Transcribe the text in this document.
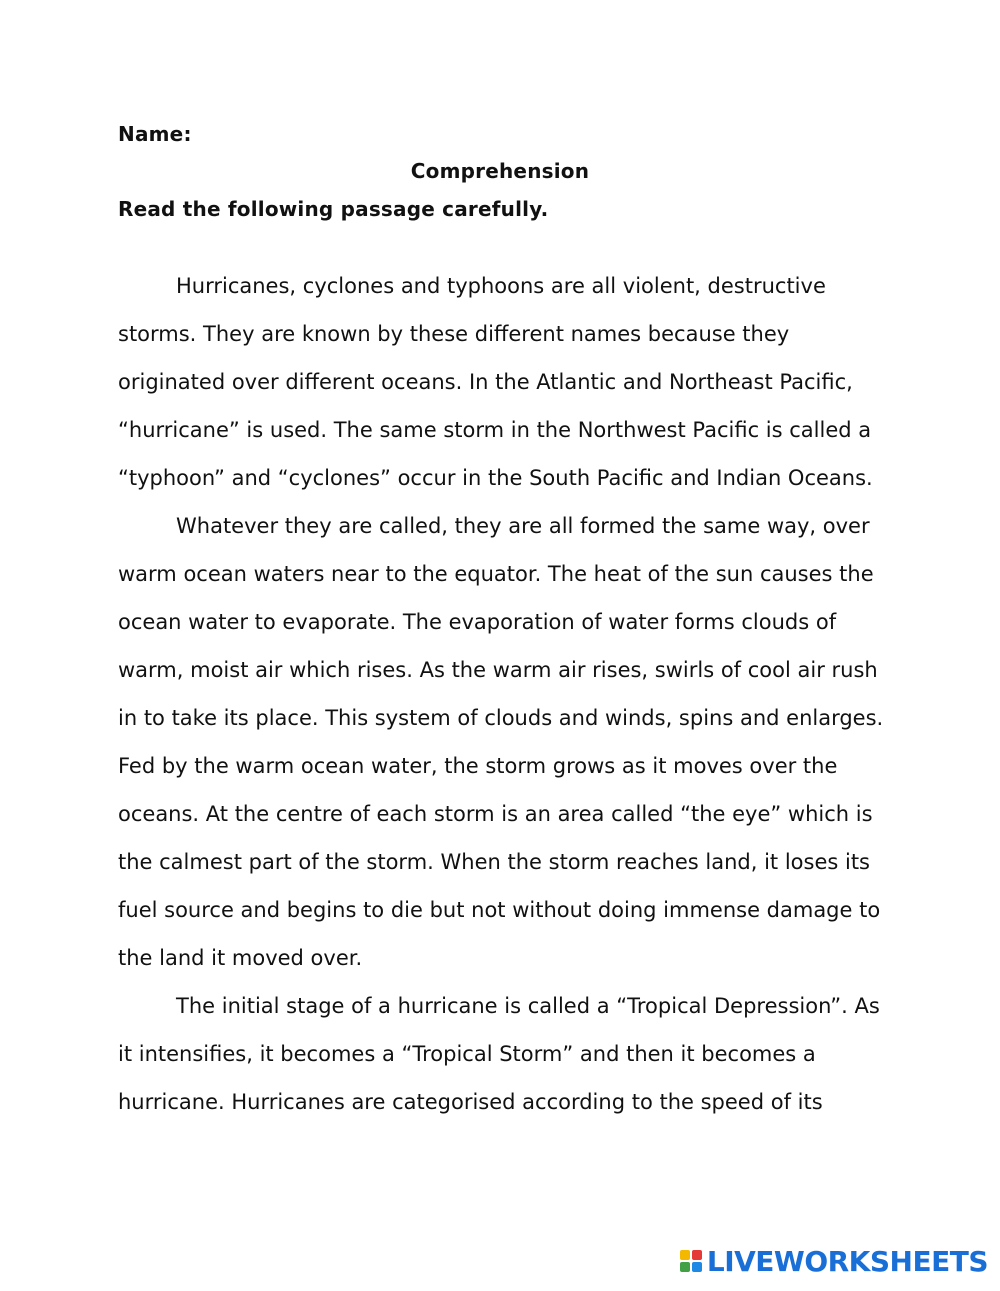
Name:
Comprehension
Read the following passage carefully.

Hurricanes, cyclones and typhoons are all violent, destructive storms. They are known by these different names because they originated over different oceans. In the Atlantic and Northeast Pacific, “hurricane” is used. The same storm in the Northwest Pacific is called a “typhoon” and “cyclones” occur in the South Pacific and Indian Oceans.

Whatever they are called, they are all formed the same way, over warm ocean waters near to the equator. The heat of the sun causes the ocean water to evaporate. The evaporation of water forms clouds of warm, moist air which rises. As the warm air rises, swirls of cool air rush in to take its place. This system of clouds and winds, spins and enlarges. Fed by the warm ocean water, the storm grows as it moves over the oceans. At the centre of each storm is an area called “the eye” which is the calmest part of the storm. When the storm reaches land, it loses its fuel source and begins to die but not without doing immense damage to the land it moved over.

The initial stage of a hurricane is called a “Tropical Depression”. As it intensifies, it becomes a “Tropical Storm” and then it becomes a hurricane. Hurricanes are categorised according to the speed of its

LIVEWORKSHEETS
